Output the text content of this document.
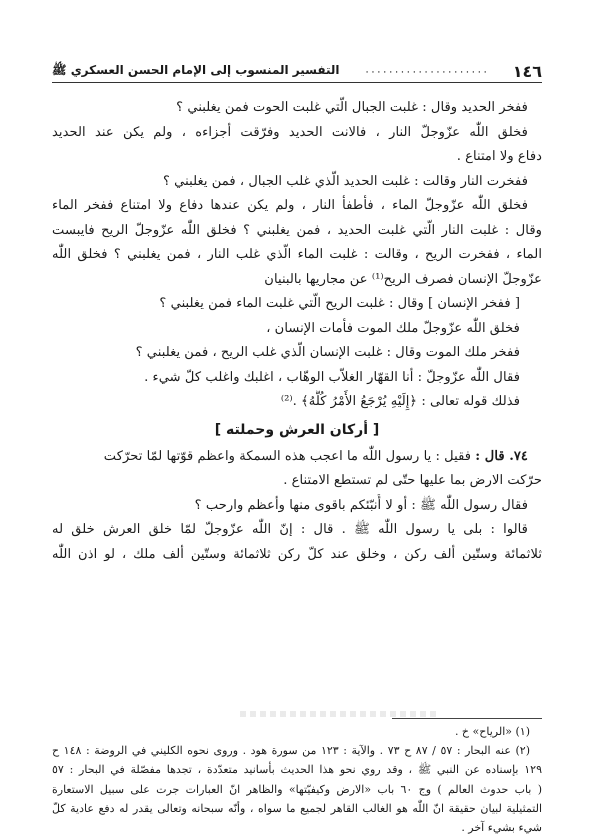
١٤٦
٠٠٠٠٠٠٠٠٠٠٠٠٠٠٠٠٠٠٠٠٠
التفسير المنسوب إلى الإمام الحسن العسكري ﷺ
ففخر الحديد وقال : غلبت الجبال الّتي غلبت الحوت فمن يغلبني ؟
فخلق اللّٰه عزّوجلّ النار ، فالانت الحديد وفرّقت أجزاءه ، ولم يكن عند الحديد
دفاع ولا امتناع .
ففخرت النار وقالت : غلبت الحديد الّذي غلب الجبال ، فمن يغلبني ؟
فخلق اللّٰه عزّوجلّ الماء ، فأطفأ النار ، ولم يكن عندها دفاع ولا امتناع ففخر الماء
وقال : غلبت النار الّتي غلبت الحديد ، فمن يغلبني ؟ فخلق اللّٰه عزّوجلّ الريح فايبست
الماء ، ففخرت الريح ، وقالت : غلبت الماء الّذي غلب النار ، فمن يغلبني ؟ فخلق اللّٰه
عزّوجلّ الإنسان فصرف الريح⁽¹⁾ عن مجاريها بالبنيان
[ ففخر الإنسان ] وقال : غلبت الريح الّتي غلبت الماء فمن يغلبني ؟
فخلق اللّٰه عزّوجلّ ملك الموت فأمات الإنسان ،
ففخر ملك الموت وقال : غلبت الإنسان الّذي غلب الريح ، فمن يغلبني ؟
فقال اللّٰه عزّوجلّ : أنا القهّار الغلاّب الوهّاب ، اغلبك واغلب كلّ شيء .
فذلك قوله تعالى : ﴿إِلَيْهِ يُرْجَعُ الأَمْرُ كُلُّهُ﴾ .⁽²⁾
[ أركان العرش وحملته ]
٧٤. قال : فقيل : يا رسول اللّٰه ما اعجب هذه السمكة واعظم قوّتها لمّا تحرّكت
حرّكت الارض بما عليها حتّى لم تستطع الامتناع .
فقال رسول اللّٰه ﷺ : أو لا أُنبّئكم باقوى منها وأعظم وارحب ؟
قالوا : بلى يا رسول اللّٰه ﷺ . قال : إنّ اللّٰه عزّوجلّ لمّا خلق العرش خلق له
ثلاثمائة وستّين ألف ركن ، وخلق عند كلّ ركن ثلاثمائة وستّين ألف ملك ، لو اذن اللّٰه
(١) «الرياح» خ .
(٢) عنه البحار : ٥٧ / ٨٧ ح ٧٣ . والآية : ١٢٣ من سورة هود . وروى نحوه الكليني في الروضة : ١٤٨ ح
١٢٩ بإسناده عن النبي ﷺ ، وقد روي نحو هذا الحديث بأسانيد متعدّدة ، تجدها مفصّلة في البحار : ٥٧
( باب حدوث العالم ) وج ٦٠ باب «الارض وكيفيّتها» والظاهر انّ العبارات جرت على سبيل الاستعارة
التمثيلية لبيان حقيقة انّ اللّٰه هو الغالب القاهر لجميع ما سواه ، وأنّه سبحانه وتعالى يقدر له دفع عادية كلّ
شيء بشيء آخر .
